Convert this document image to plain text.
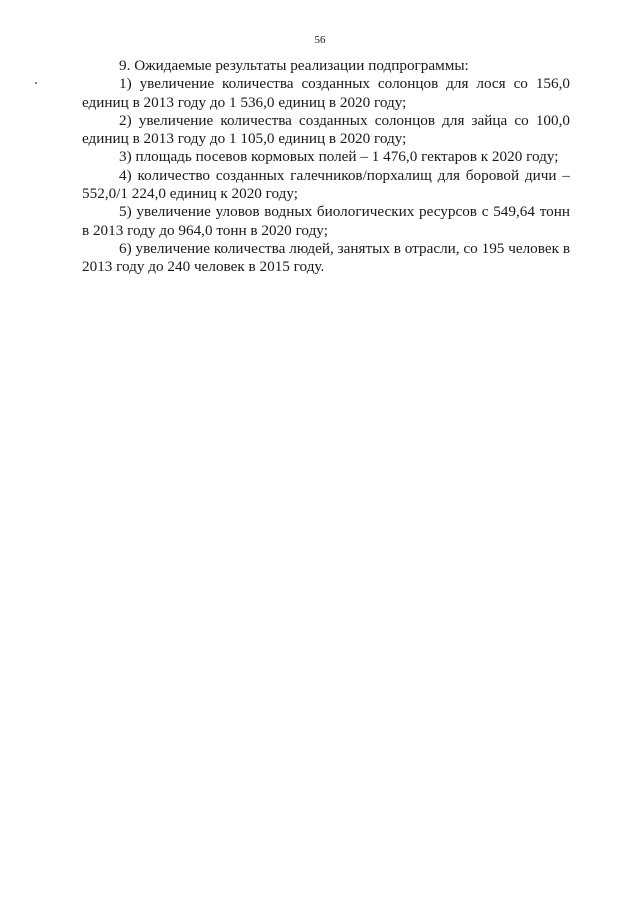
56

9. Ожидаемые результаты реализации подпрограммы:

1) увеличение количества созданных солонцов для лося со 156,0 единиц в 2013 году до 1 536,0 единиц в 2020 году;

2) увеличение количества созданных солонцов для зайца со 100,0 единиц в 2013 году до 1 105,0 единиц в 2020 году;

3) площадь посевов кормовых полей – 1 476,0 гектаров к 2020 году;

4) количество созданных галечников/порхалищ для боровой дичи – 552,0/1 224,0 единиц к 2020 году;

5) увеличение уловов водных биологических ресурсов с 549,64 тонн в 2013 году до 964,0 тонн в 2020 году;

6) увеличение количества людей, занятых в отрасли, со 195 человек в 2013 году до 240 человек в 2015 году.
